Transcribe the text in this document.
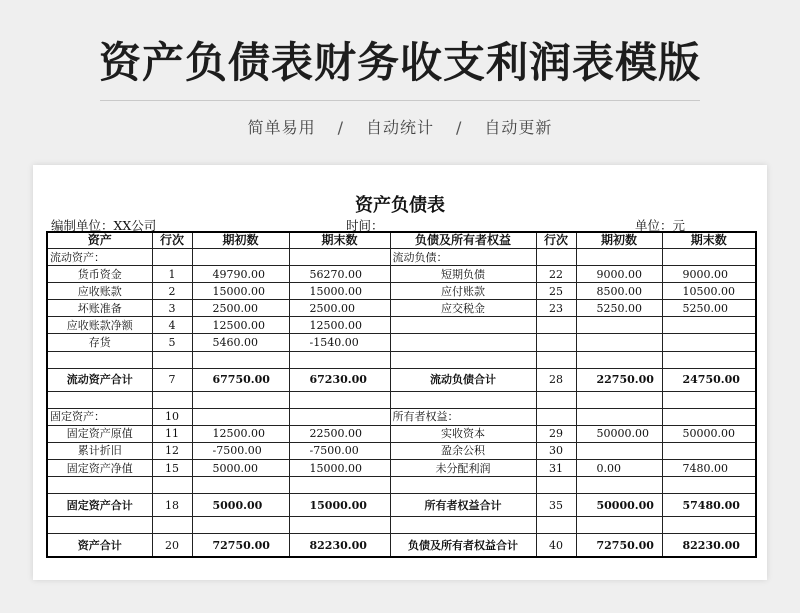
资产负债表财务收支利润表模版
简单易用 / 自动统计 / 自动更新
资产负债表
编制单位：XX公司	时间：	单位：元
资产	行次	期初数	期末数	负债及所有者权益	行次	期初数	期末数
流动资产：				流动负债：			
货币资金	1	49790.00	56270.00	短期负债	22	9000.00	9000.00
应收账款	2	15000.00	15000.00	应付账款	25	8500.00	10500.00
坏账准备	3	2500.00	2500.00	应交税金	23	5250.00	5250.00
应收账款净额	4	12500.00	12500.00				
存货	5	5460.00	-1540.00				

流动资产合计	7	67750.00	67230.00	流动负债合计	28	22750.00	24750.00

固定资产：	10			所有者权益：			
固定资产原值	11	12500.00	22500.00	实收资本	29	50000.00	50000.00
累计折旧	12	-7500.00	-7500.00	盈余公积	30		
固定资产净值	15	5000.00	15000.00	未分配利润	31	0.00	7480.00

固定资产合计	18	5000.00	15000.00	所有者权益合计	35	50000.00	57480.00

资产合计	20	72750.00	82230.00	负债及所有者权益合计	40	72750.00	82230.00
